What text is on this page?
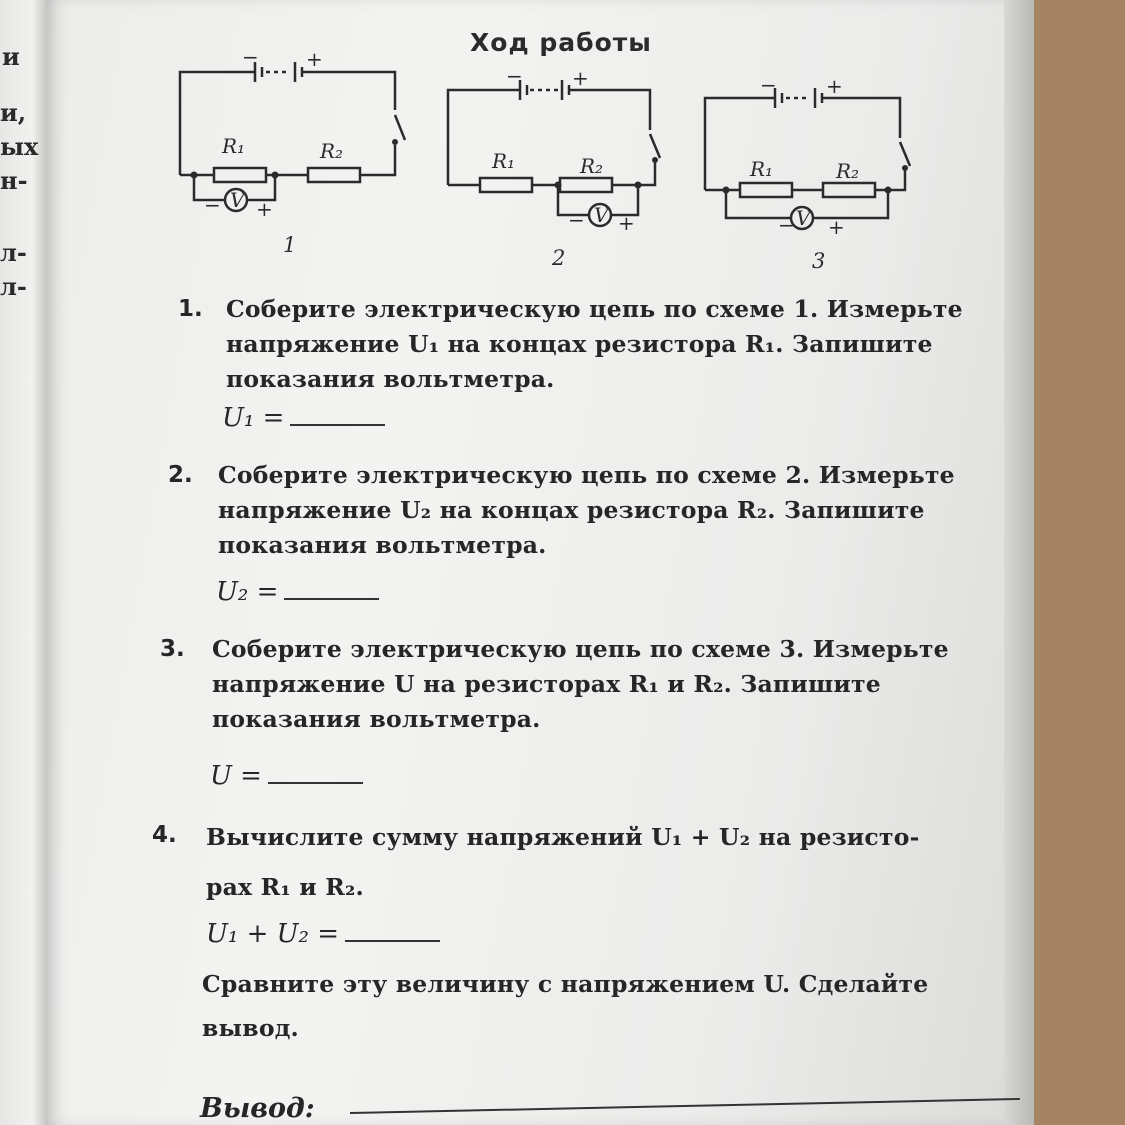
и
и,
ых
н-
л-
л-
Ход работы
R₁	R₂	R₁	R₂	R₁	R₂
V
V	V
− +	− +	− +
− +
− +	− +
1
2	3
1. Соберите электрическую цепь по схеме 1. Измерьте
напряжение U₁ на концах резистора R₁. Запишите
показания вольтметра.
U₁ =
2. Соберите электрическую цепь по схеме 2. Измерьте
напряжение U₂ на концах резистора R₂. Запишите
показания вольтметра.
U₂ =
3. Соберите электрическую цепь по схеме 3. Измерьте
напряжение U на резисторах R₁ и R₂. Запишите
показания вольтметра.
U =
4. Вычислите сумму напряжений U₁ + U₂ на резисто-
рах R₁ и R₂.
U₁ + U₂ =
Сравните эту величину с напряжением U. Сделайте
вывод.
Вывод:
